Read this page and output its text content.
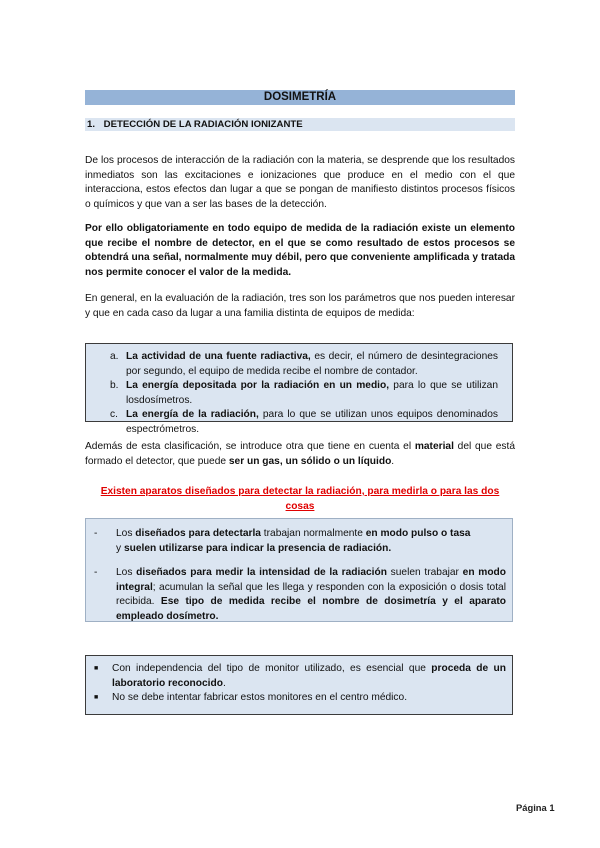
DOSIMETRÍA
1. DETECCIÓN DE LA RADIACIÓN IONIZANTE

De los procesos de interacción de la radiación con la materia, se desprende que los resultados inmediatos son las excitaciones e ionizaciones que produce en el medio con el que interacciona, estos efectos dan lugar a que se pongan de manifiesto distintos procesos físicos o químicos y que van a ser las bases de la detección.

Por ello obligatoriamente en todo equipo de medida de la radiación existe un elemento que recibe el nombre de detector, en el que se como resultado de estos procesos se obtendrá una señal, normalmente muy débil, pero que conveniente amplificada y tratada nos permite conocer el valor de la medida.

En general, en la evaluación de la radiación, tres son los parámetros que nos pueden interesar y que en cada caso da lugar a una familia distinta de equipos de medida:

a. La actividad de una fuente radiactiva, es decir, el número de desintegraciones por segundo, el equipo de medida recibe el nombre de contador.
b. La energía depositada por la radiación en un medio, para lo que se utilizan losdosímetros.
c. La energía de la radiación, para lo que se utilizan unos equipos denominados espectrómetros.

Además de esta clasificación, se introduce otra que tiene en cuenta el material del que está formado el detector, que puede ser un gas, un sólido o un líquido.

Existen aparatos diseñados para detectar la radiación, para medirla o para las dos cosas
-	Los diseñados para detectarla trabajan normalmente en modo pulso o tasa
y suelen utilizarse para indicar la presencia de radiación.
-	Los diseñados para medir la intensidad de la radiación suelen trabajar en modo integral; acumulan la señal que les llega y responden con la exposición o dosis total recibida. Ese tipo de medida recibe el nombre de dosimetría y el aparato empleado dosímetro.
■	Con independencia del tipo de monitor utilizado, es esencial que proceda de un laboratorio reconocido.
■	No se debe intentar fabricar estos monitores en el centro médico.
Página 1
